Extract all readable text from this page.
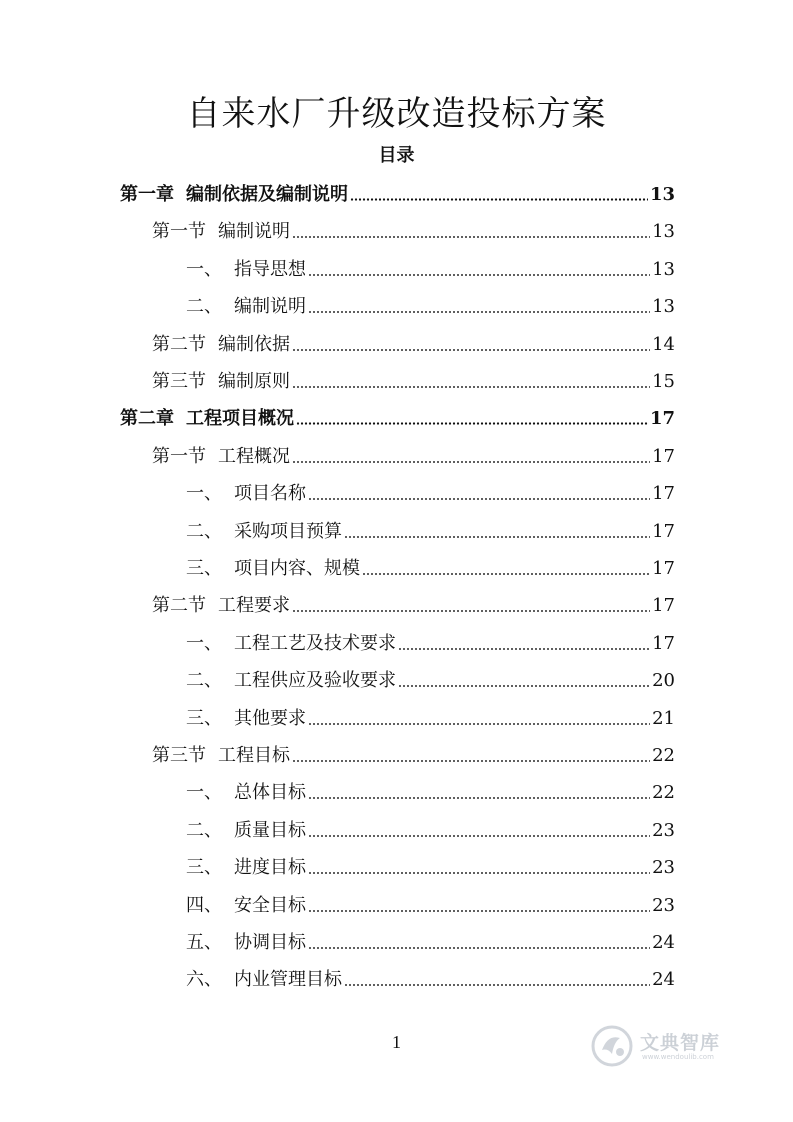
自来水厂升级改造投标方案
目录
第一章 编制依据及编制说明	13
第一节 编制说明	13
一、 指导思想	13
二、 编制说明	13
第二节 编制依据	14
第三节 编制原则	15
第二章 工程项目概况	17
第一节 工程概况	17
一、 项目名称	17
二、 采购项目预算	17
三、 项目内容、规模	17
第二节 工程要求	17
一、 工程工艺及技术要求	17
二、 工程供应及验收要求	20
三、 其他要求	21
第三节 工程目标	22
一、 总体目标	22
二、 质量目标	23
三、 进度目标	23
四、 安全目标	23
五、 协调目标	24
六、 内业管理目标	24
1	文典智库
www.wendoulib.com
